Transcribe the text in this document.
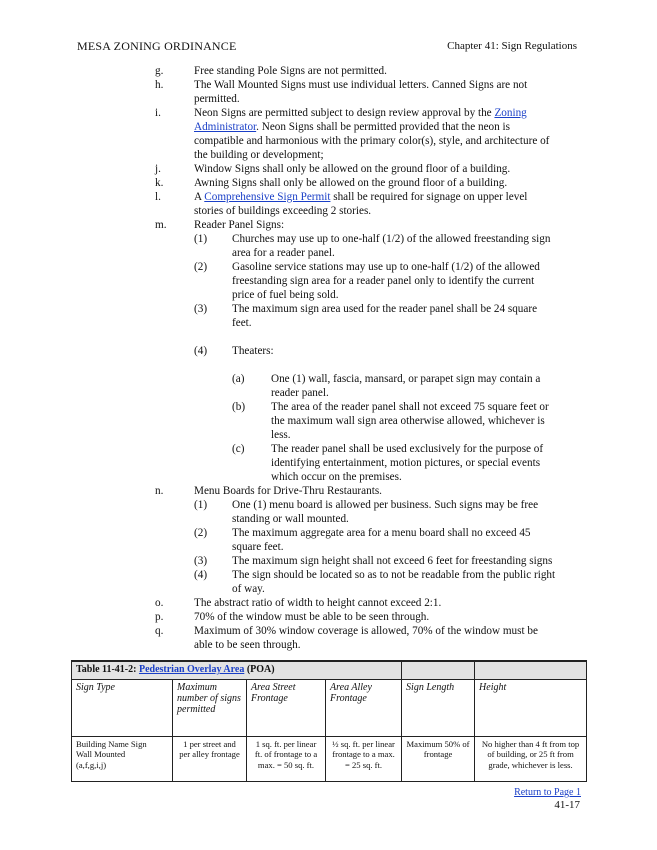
MESA ZONING ORDINANCE	Chapter 41: Sign Regulations
g.	Free standing Pole Signs are not permitted.
h.	The Wall Mounted Signs must use individual letters. Canned Signs are not
permitted.
i.	Neon Signs are permitted subject to design review approval by the Zoning
Administrator. Neon Signs shall be permitted provided that the neon is
compatible and harmonious with the primary color(s), style, and architecture of
the building or development;
j.	Window Signs shall only be allowed on the ground floor of a building.
k.	Awning Signs shall only be allowed on the ground floor of a building.
l.	A Comprehensive Sign Permit shall be required for signage on upper level
stories of buildings exceeding 2 stories.
m. Reader Panel Signs:
(1) Churches may use up to one-half (1/2) of the allowed freestanding sign
area for a reader panel.
(2) Gasoline service stations may use up to one-half (1/2) of the allowed
freestanding sign area for a reader panel only to identify the current
price of fuel being sold.
(3) The maximum sign area used for the reader panel shall be 24 square
feet.
(4) Theaters:
(a) One (1) wall, fascia, mansard, or parapet sign may contain a
reader panel.
(b) The area of the reader panel shall not exceed 75 square feet or
the maximum wall sign area otherwise allowed, whichever is
less.
(c) The reader panel shall be used exclusively for the purpose of
identifying entertainment, motion pictures, or special events
which occur on the premises.
n.	Menu Boards for Drive-Thru Restaurants.
(1) One (1) menu board is allowed per business. Such signs may be free
standing or wall mounted.
(2) The maximum aggregate area for a menu board shall no exceed 45
square feet.
(3) The maximum sign height shall not exceed 6 feet for freestanding signs
(4) The sign should be located so as to not be readable from the public right
of way.
o.	The abstract ratio of width to height cannot exceed 2:1.
p.	70% of the window must be able to be seen through.
q.	Maximum of 30% window coverage is allowed, 70% of the window must be
able to be seen through.
Table 11-41-2: Pedestrian Overlay Area (POA)					
Sign Type	Maximum number of signs permitted	Area Street Frontage	Area Alley Frontage	Sign Length	Height
Building Name Sign
Wall Mounted
(a,f,g,i,j)	1 per street and per alley frontage	1 sq. ft. per linear ft. of frontage to a max. = 50 sq. ft.	½ sq. ft. per linear frontage to a max. = 25 sq. ft.	Maximum 50% of frontage	No higher than 4 ft from top of building, or 25 ft from grade, whichever is less.
Return to Page 1
41-17
